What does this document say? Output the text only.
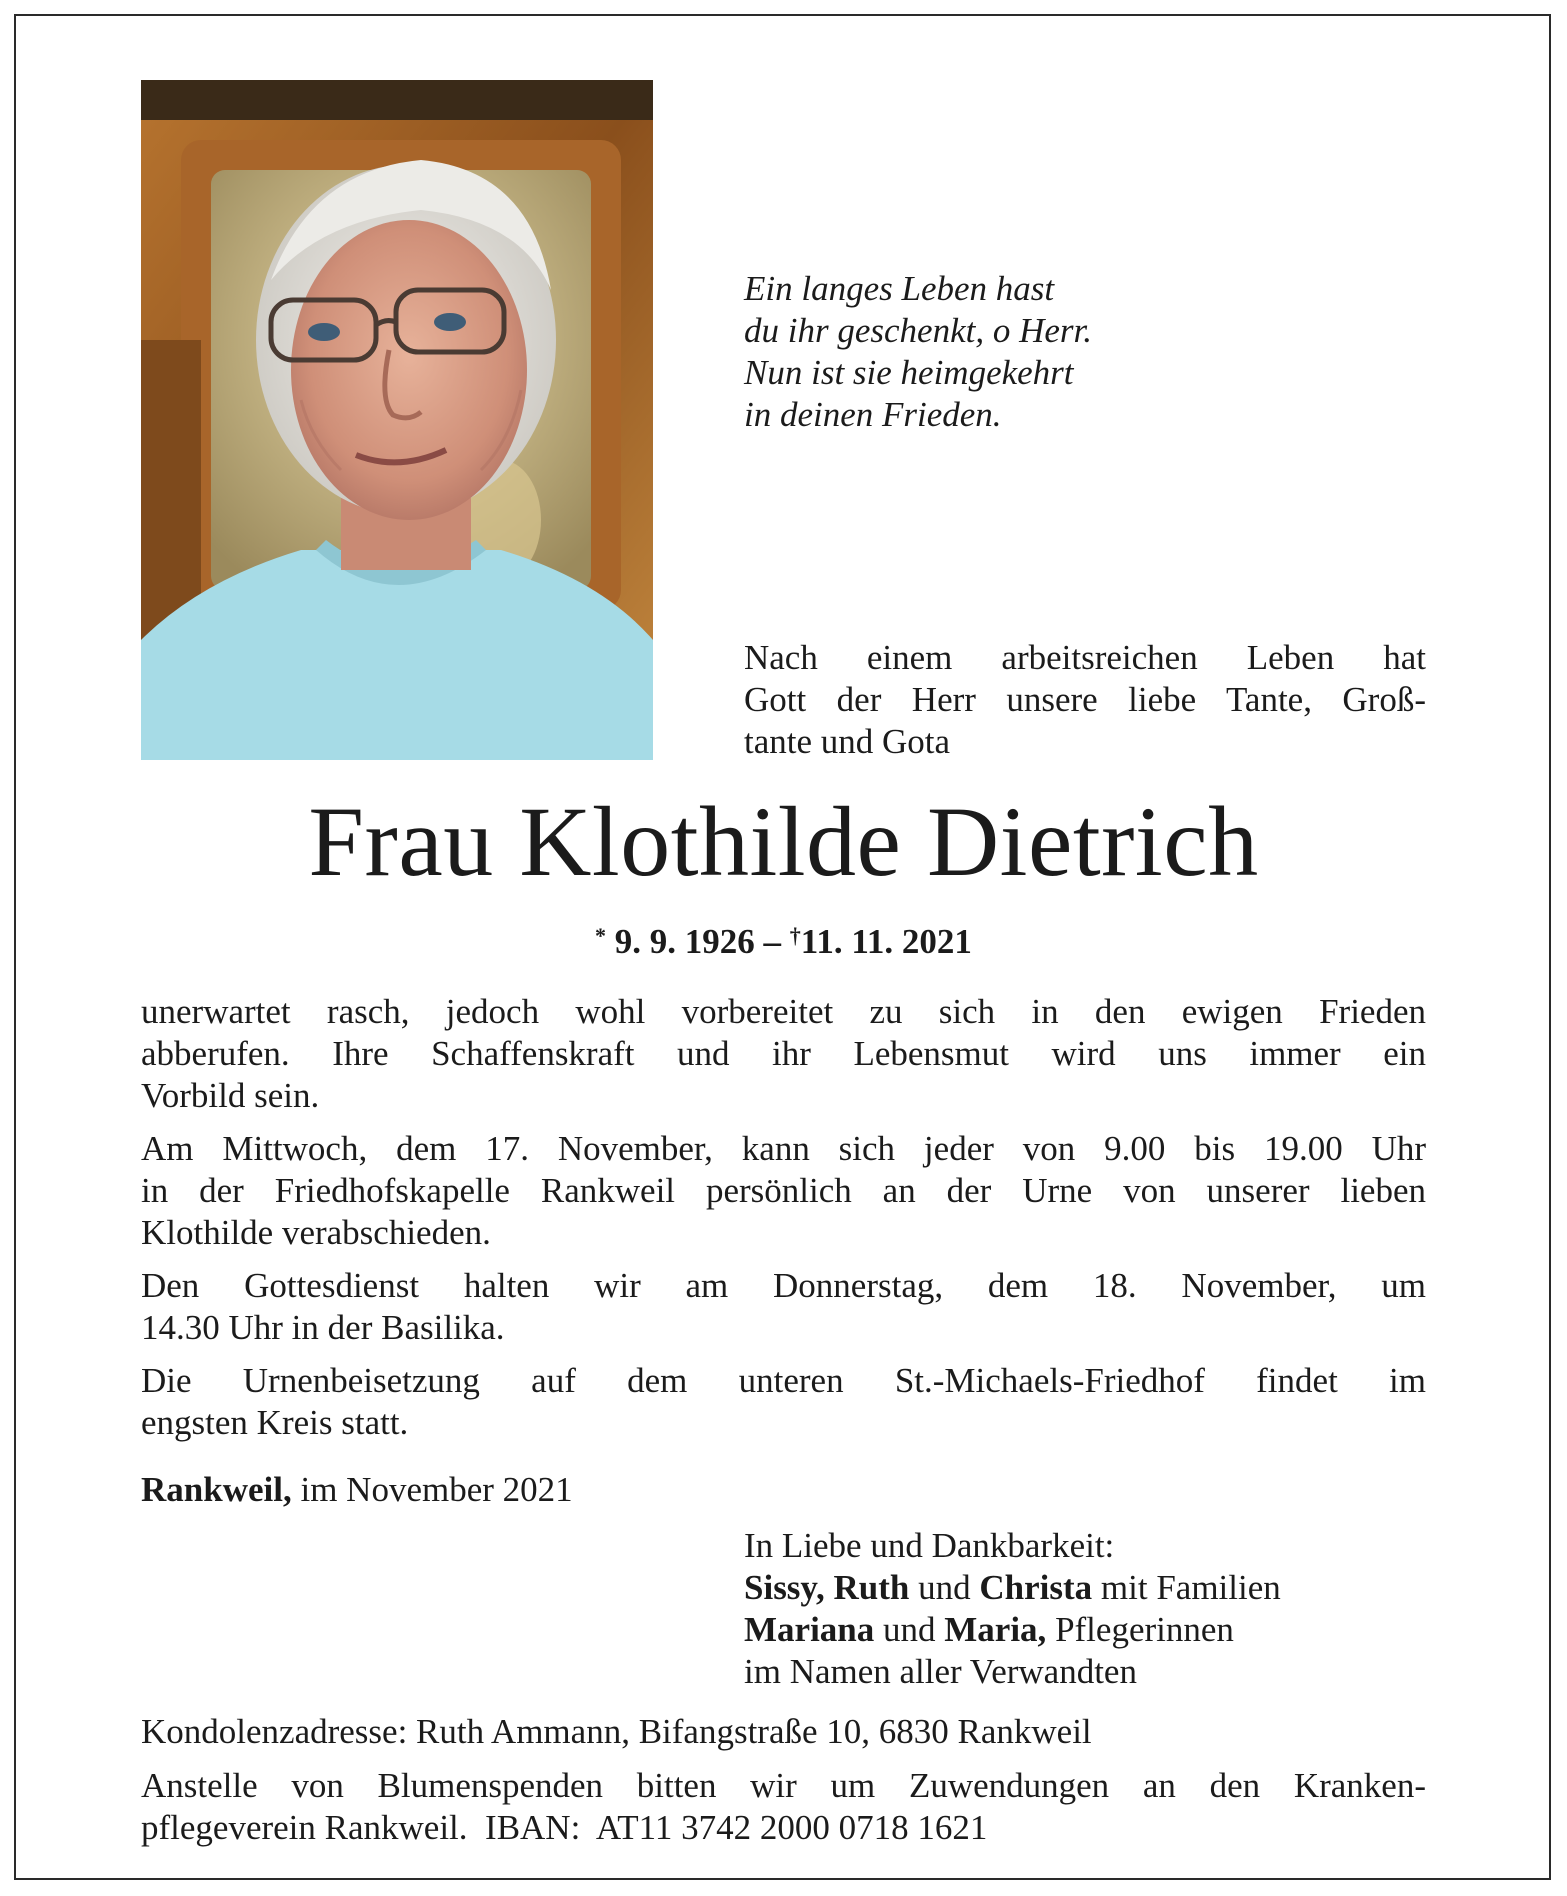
Ein langes Leben hast
du ihr geschenkt, o Herr.
Nun ist sie heimgekehrt
in deinen Frieden.
Nach einem arbeitsreichen Leben hat
Gott der Herr unsere liebe Tante, Groß-
tante und Gota
Frau Klothilde Dietrich
* 9. 9. 1926 – †11. 11. 2021

unerwartet rasch, jedoch wohl vorbereitet zu sich in den ewigen Frieden
abberufen. Ihre Schaffenskraft und ihr Lebensmut wird uns immer ein
Vorbild sein.

Am Mittwoch, dem 17. November, kann sich jeder von 9.00 bis 19.00 Uhr
in der Friedhofskapelle Rankweil persönlich an der Urne von unserer lieben
Klothilde verabschieden.

Den Gottesdienst halten wir am Donnerstag, dem 18. November, um
14.30 Uhr in der Basilika.

Die Urnenbeisetzung auf dem unteren St.-Michaels-Friedhof findet im
engsten Kreis statt.

Rankweil, im November 2021
In Liebe und Dankbarkeit:
Sissy, Ruth und Christa mit Familien
Mariana und Maria, Pflegerinnen
im Namen aller Verwandten

Kondolenzadresse: Ruth Ammann, Bifangstraße 10, 6830 Rankweil

Anstelle von Blumenspenden bitten wir um Zuwendungen an den Kranken-
pflegeverein Rankweil.  IBAN:  AT11 3742 2000 0718 1621
